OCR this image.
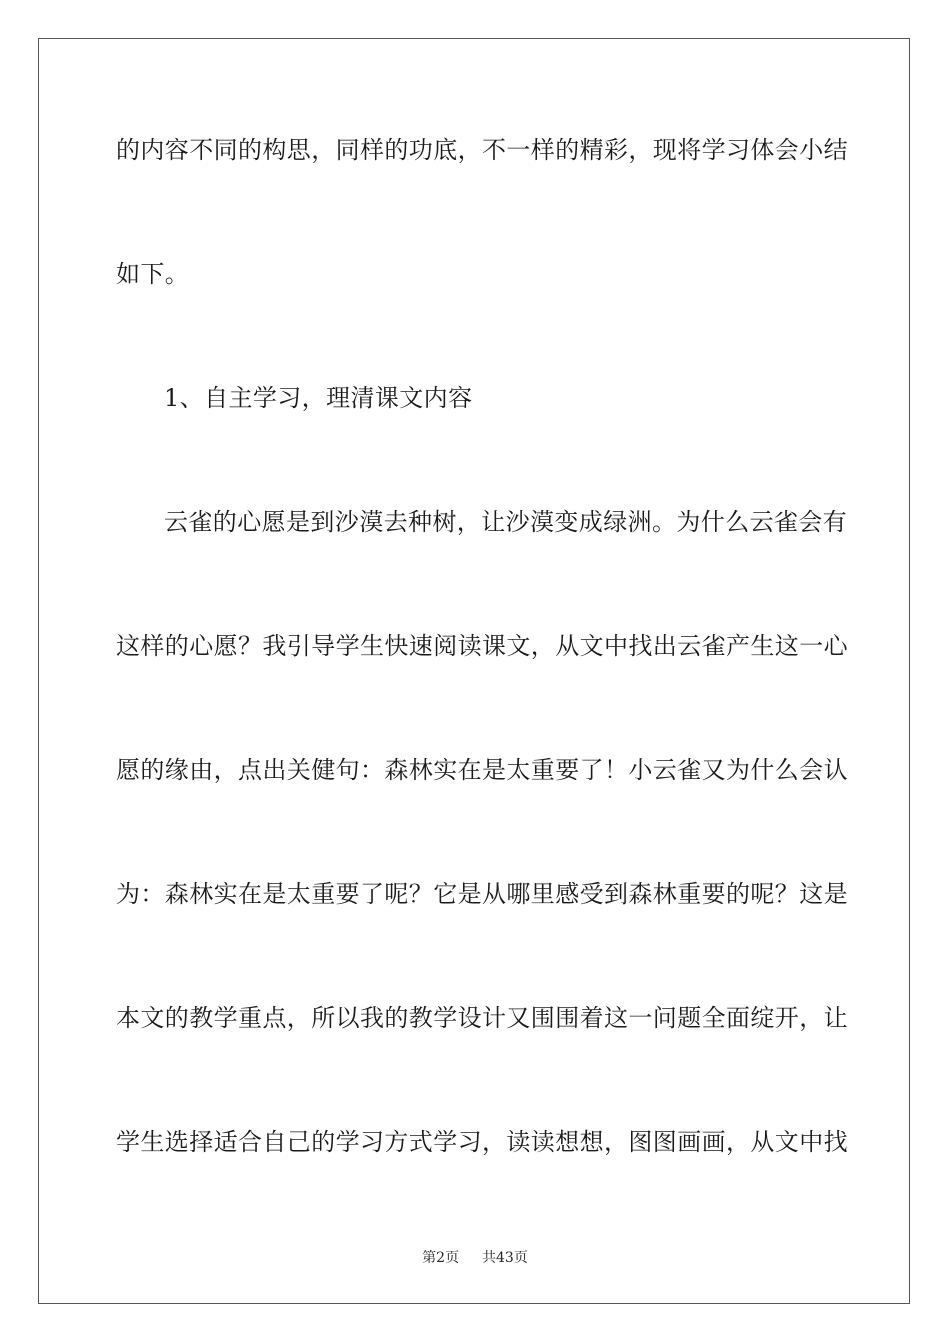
的内容不同的构思，同样的功底，不一样的精彩，现将学习体会小结
如下。
1、自主学习，理清课文内容
云雀的心愿是到沙漠去种树，让沙漠变成绿洲。为什么云雀会有
这样的心愿？我引导学生快速阅读课文，从文中找出云雀产生这一心
愿的缘由，点出关健句：森林实在是太重要了！小云雀又为什么会认
为：森林实在是太重要了呢？它是从哪里感受到森林重要的呢？这是
本文的教学重点，所以我的教学设计又围围着这一问题全面绽开，让
学生选择适合自己的学习方式学习，读读想想，图图画画，从文中找
第2页 共43页
